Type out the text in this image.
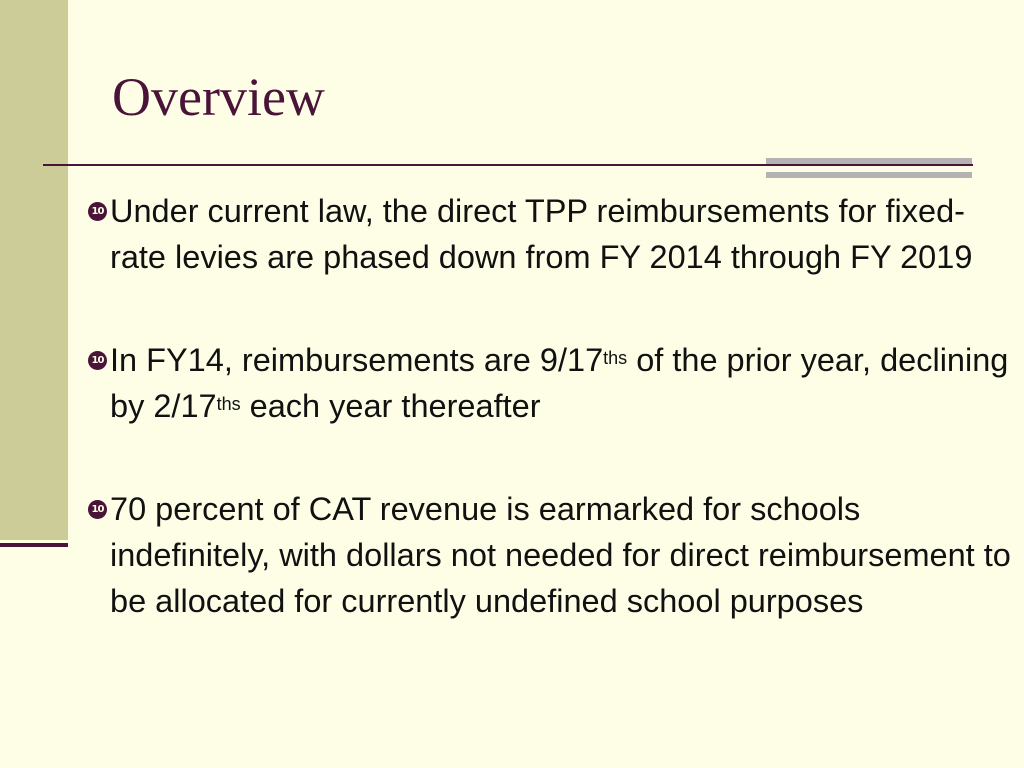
Overview
10 Under current law, the direct TPP reimbursements for fixed-rate levies are phased down from FY 2014 through FY 2019
10 In FY14, reimbursements are $9/17^{ths}$ of the prior year, declining by $2/17^{ths}$ each year thereafter
10 70 percent of CAT revenue is earmarked for schools indefinitely, with dollars not needed for direct reimbursement to be allocated for currently undefined school purposes
